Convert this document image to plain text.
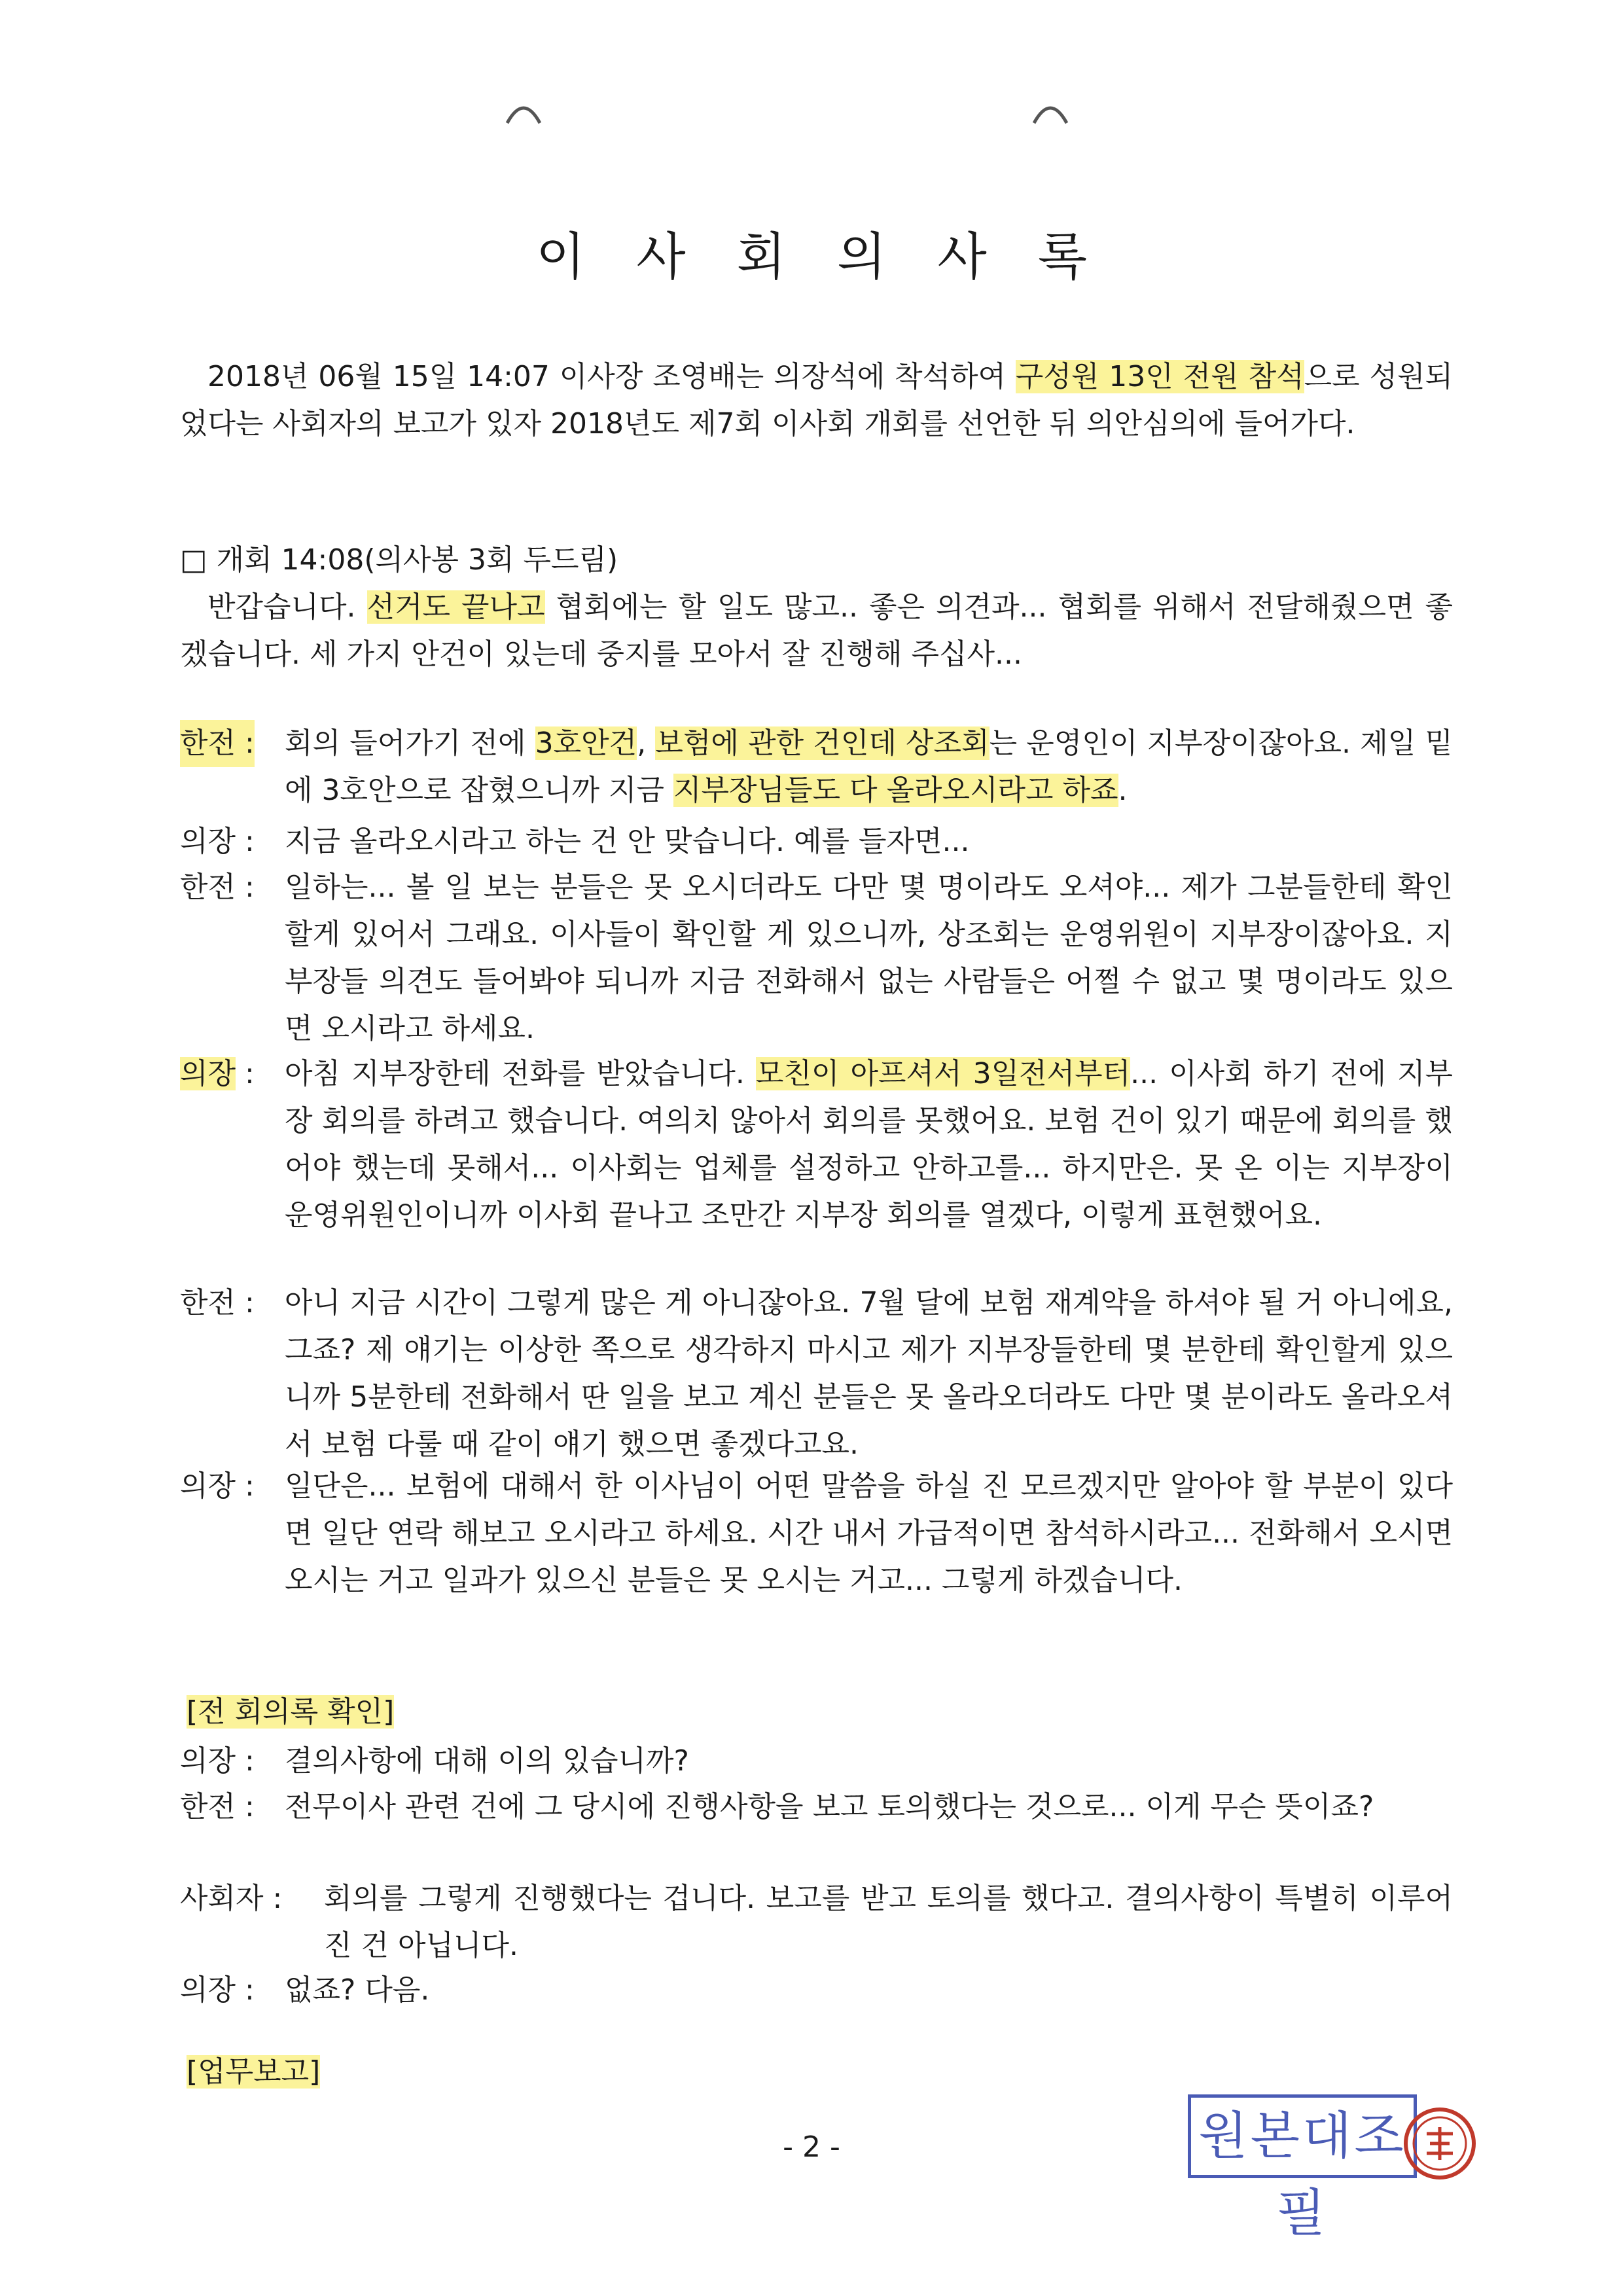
이사회의사록
2018년 06월 15일 14:07 이사장 조영배는 의장석에 착석하여 구성원 13인 전원 참석으로 성원되었다는 사회자의 보고가 있자 2018년도 제7회 이사회 개회를 선언한 뒤 의안심의에 들어가다.
□ 개회 14:08(의사봉 3회 두드림)
반갑습니다. 선거도 끝나고 협회에는 할 일도 많고.. 좋은 의견과... 협회를 위해서 전달해줬으면 좋겠습니다. 세 가지 안건이 있는데 중지를 모아서 잘 진행해 주십사...
한전 : 회의 들어가기 전에 3호안건, 보험에 관한 건인데 상조회는 운영인이 지부장이잖아요. 제일 밑에 3호안으로 잡혔으니까 지금 지부장님들도 다 올라오시라고 하죠.
의장 : 지금 올라오시라고 하는 건 안 맞습니다. 예를 들자면...
한전 : 일하는... 볼 일 보는 분들은 못 오시더라도 다만 몇 명이라도 오셔야... 제가 그분들한테 확인할게 있어서 그래요. 이사들이 확인할 게 있으니까, 상조회는 운영위원이 지부장이잖아요. 지부장들 의견도 들어봐야 되니까 지금 전화해서 없는 사람들은 어쩔 수 없고 몇 명이라도 있으면 오시라고 하세요.
의장 : 아침 지부장한테 전화를 받았습니다. 모친이 아프셔서 3일전서부터... 이사회 하기 전에 지부장 회의를 하려고 했습니다. 여의치 않아서 회의를 못했어요. 보험 건이 있기 때문에 회의를 했어야 했는데 못해서... 이사회는 업체를 설정하고 안하고를... 하지만은. 못 온 이는 지부장이 운영위원인이니까 이사회 끝나고 조만간 지부장 회의를 열겠다, 이렇게 표현했어요.
한전 : 아니 지금 시간이 그렇게 많은 게 아니잖아요. 7월 달에 보험 재계약을 하셔야 될 거 아니에요, 그죠? 제 얘기는 이상한 쪽으로 생각하지 마시고 제가 지부장들한테 몇 분한테 확인할게 있으니까 5분한테 전화해서 딴 일을 보고 계신 분들은 못 올라오더라도 다만 몇 분이라도 올라오셔서 보험 다룰 때 같이 얘기 했으면 좋겠다고요.
의장 : 일단은... 보험에 대해서 한 이사님이 어떤 말씀을 하실 진 모르겠지만 알아야 할 부분이 있다면 일단 연락 해보고 오시라고 하세요. 시간 내서 가급적이면 참석하시라고... 전화해서 오시면 오시는 거고 일과가 있으신 분들은 못 오시는 거고... 그렇게 하겠습니다.
[전 회의록 확인]
의장 : 결의사항에 대해 이의 있습니까?
한전 : 전무이사 관련 건에 그 당시에 진행사항을 보고 토의했다는 것으로... 이게 무슨 뜻이죠?
사회자 : 회의를 그렇게 진행했다는 겁니다. 보고를 받고 토의를 했다고. 결의사항이 특별히 이루어진 건 아닙니다.
의장 : 없죠? 다음.
[업무보고]
- 2 -	원본대조필
